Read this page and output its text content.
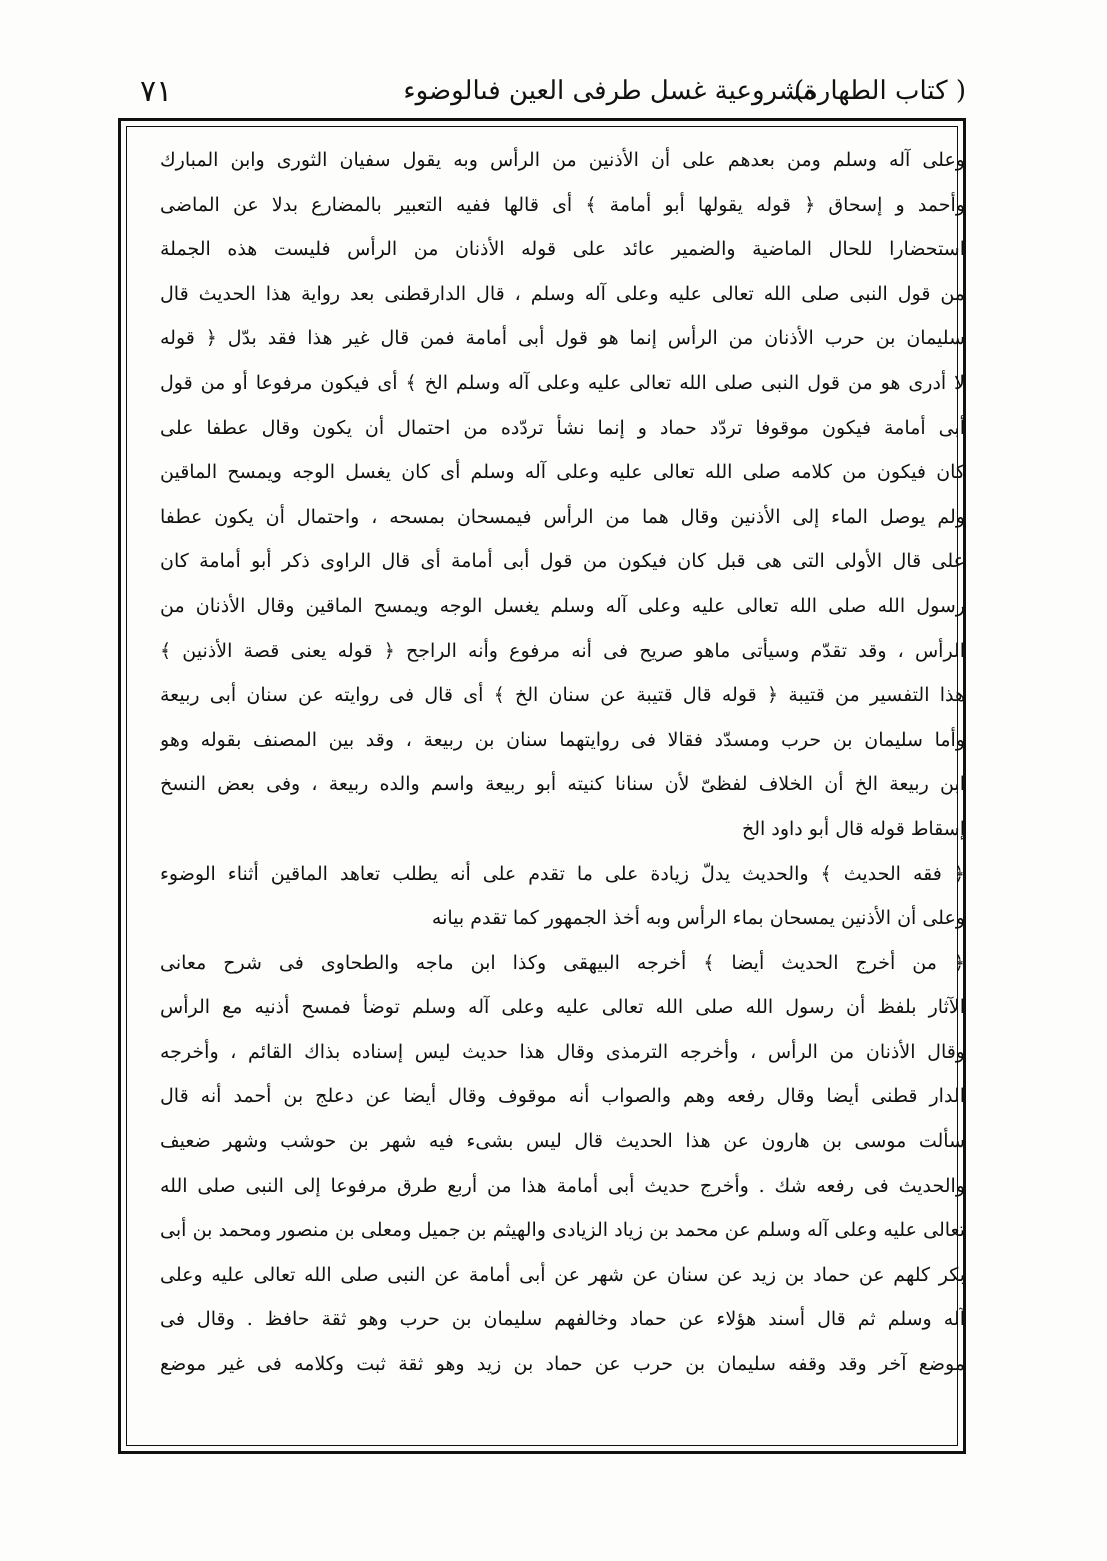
٧١	مشروعية غسل طرفى العين فىالوضوء
( كتاب الطهارة)
وعلى آله وسلم ومن بعدهم على أن الأذنين من الرأس وبه يقول سفيان الثورى وابن المبارك
وأحمد و إسحاق ﴿ قوله يقولها أبو أمامة ﴾ أى قالها ففيه التعبير بالمضارع بدلا عن الماضى
استحضارا للحال الماضية والضمير عائد على قوله الأذنان من الرأس فليست هذه الجملة
من قول النبى صلى الله تعالى عليه وعلى آله وسلم ، قال الدارقطنى بعد رواية هذا الحديث قال
سليمان بن حرب الأذنان من الرأس إنما هو قول أبى أمامة فمن قال غير هذا فقد بدّل ﴿ قوله
لا أدرى هو من قول النبى صلى الله تعالى عليه وعلى آله وسلم الخ ﴾ أى فيكون مرفوعا أو من قول
أبى أمامة فيكون موقوفا تردّد حماد و إنما نشأ تردّده من احتمال أن يكون وقال عطفا على
كان فيكون من كلامه صلى الله تعالى عليه وعلى آله وسلم أى كان يغسل الوجه ويمسح الماقين
ولم يوصل الماء إلى الأذنين وقال هما من الرأس فيمسحان بمسحه ، واحتمال أن يكون عطفا
على قال الأولى التى هى قبل كان فيكون من قول أبى أمامة أى قال الراوى ذكر أبو أمامة كان
رسول الله صلى الله تعالى عليه وعلى آله وسلم يغسل الوجه ويمسح الماقين وقال الأذنان من
الرأس ، وقد تقدّم وسيأتى ماهو صريح فى أنه مرفوع وأنه الراجح ﴿ قوله يعنى قصة الأذنين ﴾
هذا التفسير من قتيبة ﴿ قوله قال قتيبة عن سنان الخ ﴾ أى قال فى روايته عن سنان أبى ربيعة
وأما سليمان بن حرب ومسدّد فقالا فى روايتهما سنان بن ربيعة ، وقد بين المصنف بقوله وهو
ابن ربيعة الخ أن الخلاف لفظىّ لأن سنانا كنيته أبو ربيعة واسم والده ربيعة ، وفى بعض النسخ
إسقاط قوله قال أبو داود الخ
﴿ فقه الحديث ﴾ والحديث يدلّ زيادة على ما تقدم على أنه يطلب تعاهد الماقين أثناء الوضوء
وعلى أن الأذنين يمسحان بماء الرأس وبه أخذ الجمهور كما تقدم بيانه
﴿ من أخرج الحديث أيضا ﴾ أخرجه البيهقى وكذا ابن ماجه والطحاوى فى شرح معانى
الآثار بلفظ أن رسول الله صلى الله تعالى عليه وعلى آله وسلم توضأ فمسح أذنيه مع الرأس
وقال الأذنان من الرأس ، وأخرجه الترمذى وقال هذا حديث ليس إسناده بذاك القائم ، وأخرجه
الدار قطنى أيضا وقال رفعه وهم والصواب أنه موقوف وقال أيضا عن دعلج بن أحمد أنه قال
سألت موسى بن هارون عن هذا الحديث قال ليس بشىء فيه شهر بن حوشب وشهر ضعيف
والحديث فى رفعه شك . وأخرج حديث أبى أمامة هذا من أربع طرق مرفوعا إلى النبى صلى الله
تعالى عليه وعلى آله وسلم عن محمد بن زياد الزيادى والهيثم بن جميل ومعلى بن منصور ومحمد بن أبى
بكر كلهم عن حماد بن زيد عن سنان عن شهر عن أبى أمامة عن النبى صلى الله تعالى عليه وعلى
آله وسلم ثم قال أسند هؤلاء عن حماد وخالفهم سليمان بن حرب وهو ثقة حافظ . وقال فى
موضع آخر وقد وقفه سليمان بن حرب عن حماد بن زيد وهو ثقة ثبت وكلامه فى غير موضع
